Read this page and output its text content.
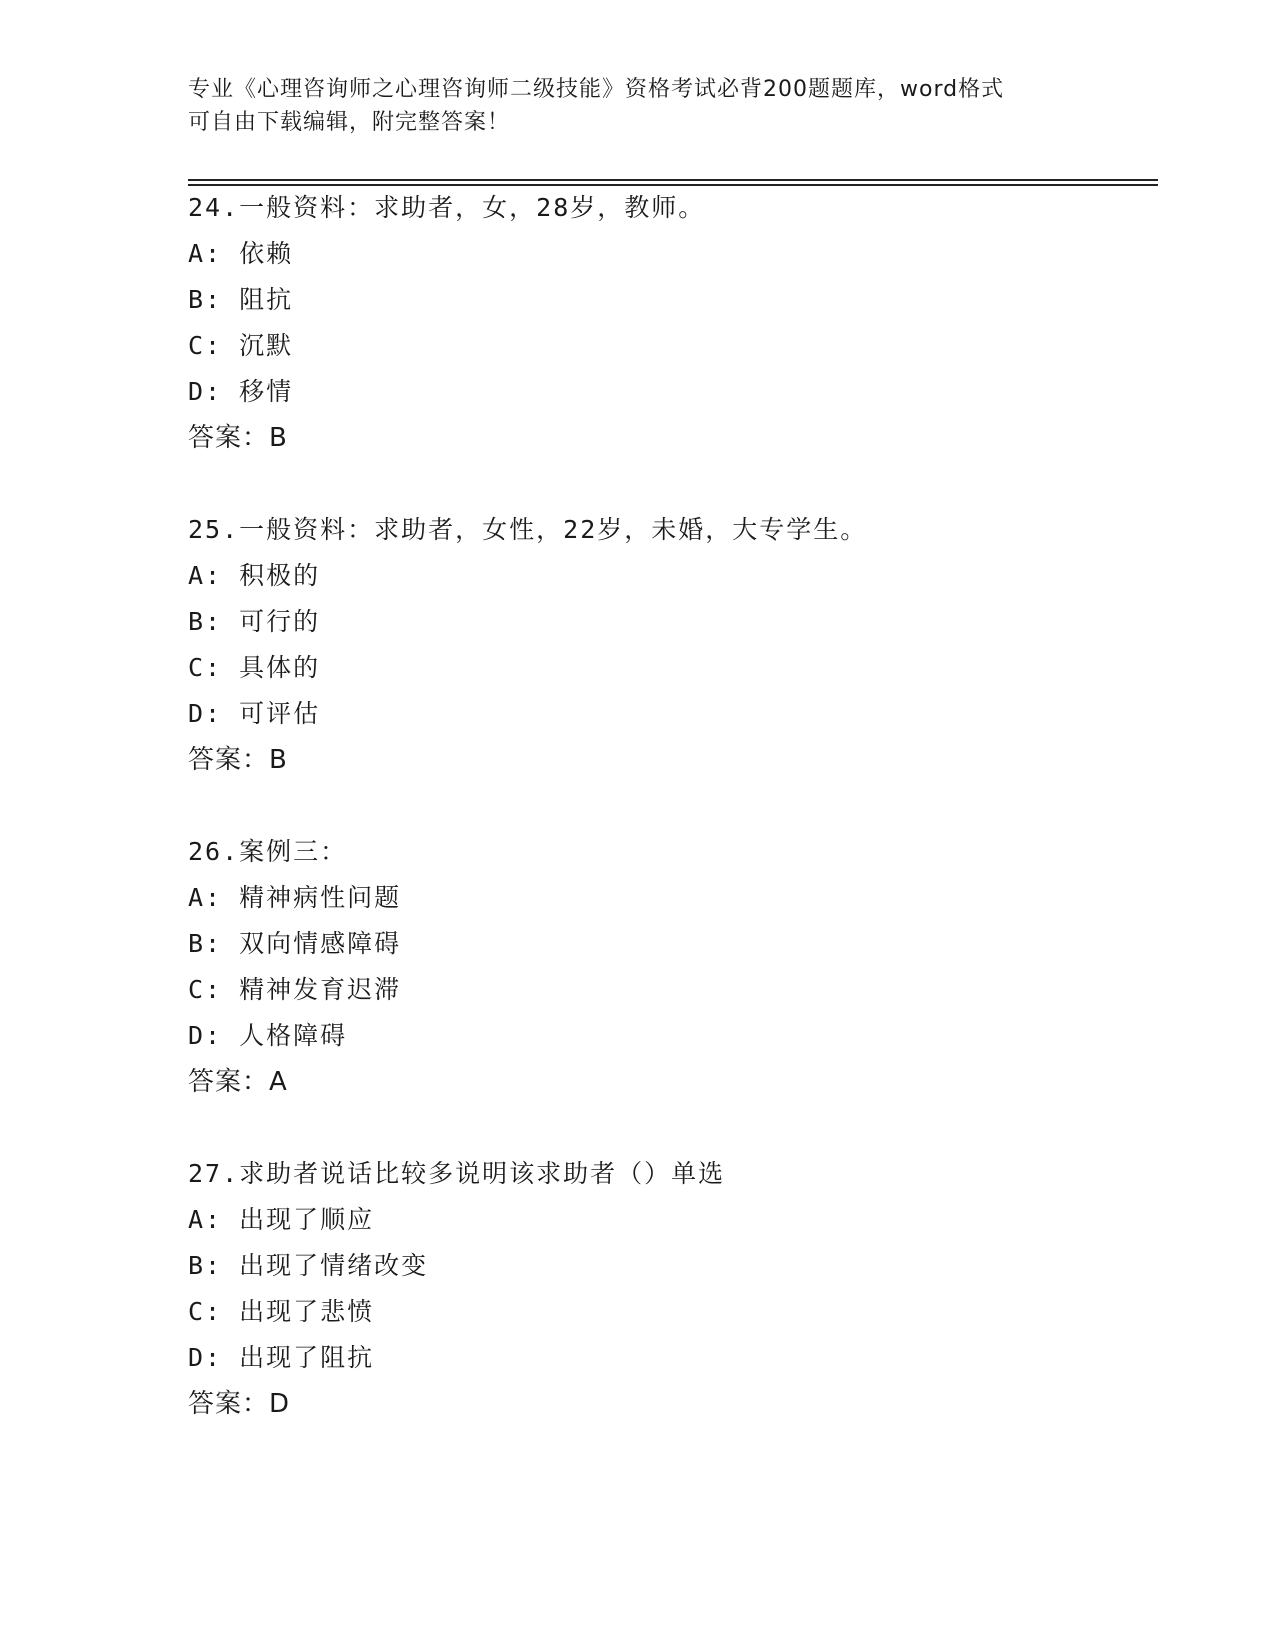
专业《心理咨询师之心理咨询师二级技能》资格考试必背200题题库，word格式
可自由下载编辑，附完整答案！
24.一般资料：求助者，女，28岁，教师。
A: 依赖
B: 阻抗
C: 沉默
D: 移情
答案：B
25.一般资料：求助者，女性，22岁，未婚，大专学生。
A: 积极的
B: 可行的
C: 具体的
D: 可评估
答案：B
26.案例三：
A: 精神病性问题
B: 双向情感障碍
C: 精神发育迟滞
D: 人格障碍
答案：A
27.求助者说话比较多说明该求助者（）单选
A: 出现了顺应
B: 出现了情绪改变
C: 出现了悲愤
D: 出现了阻抗
答案：D
